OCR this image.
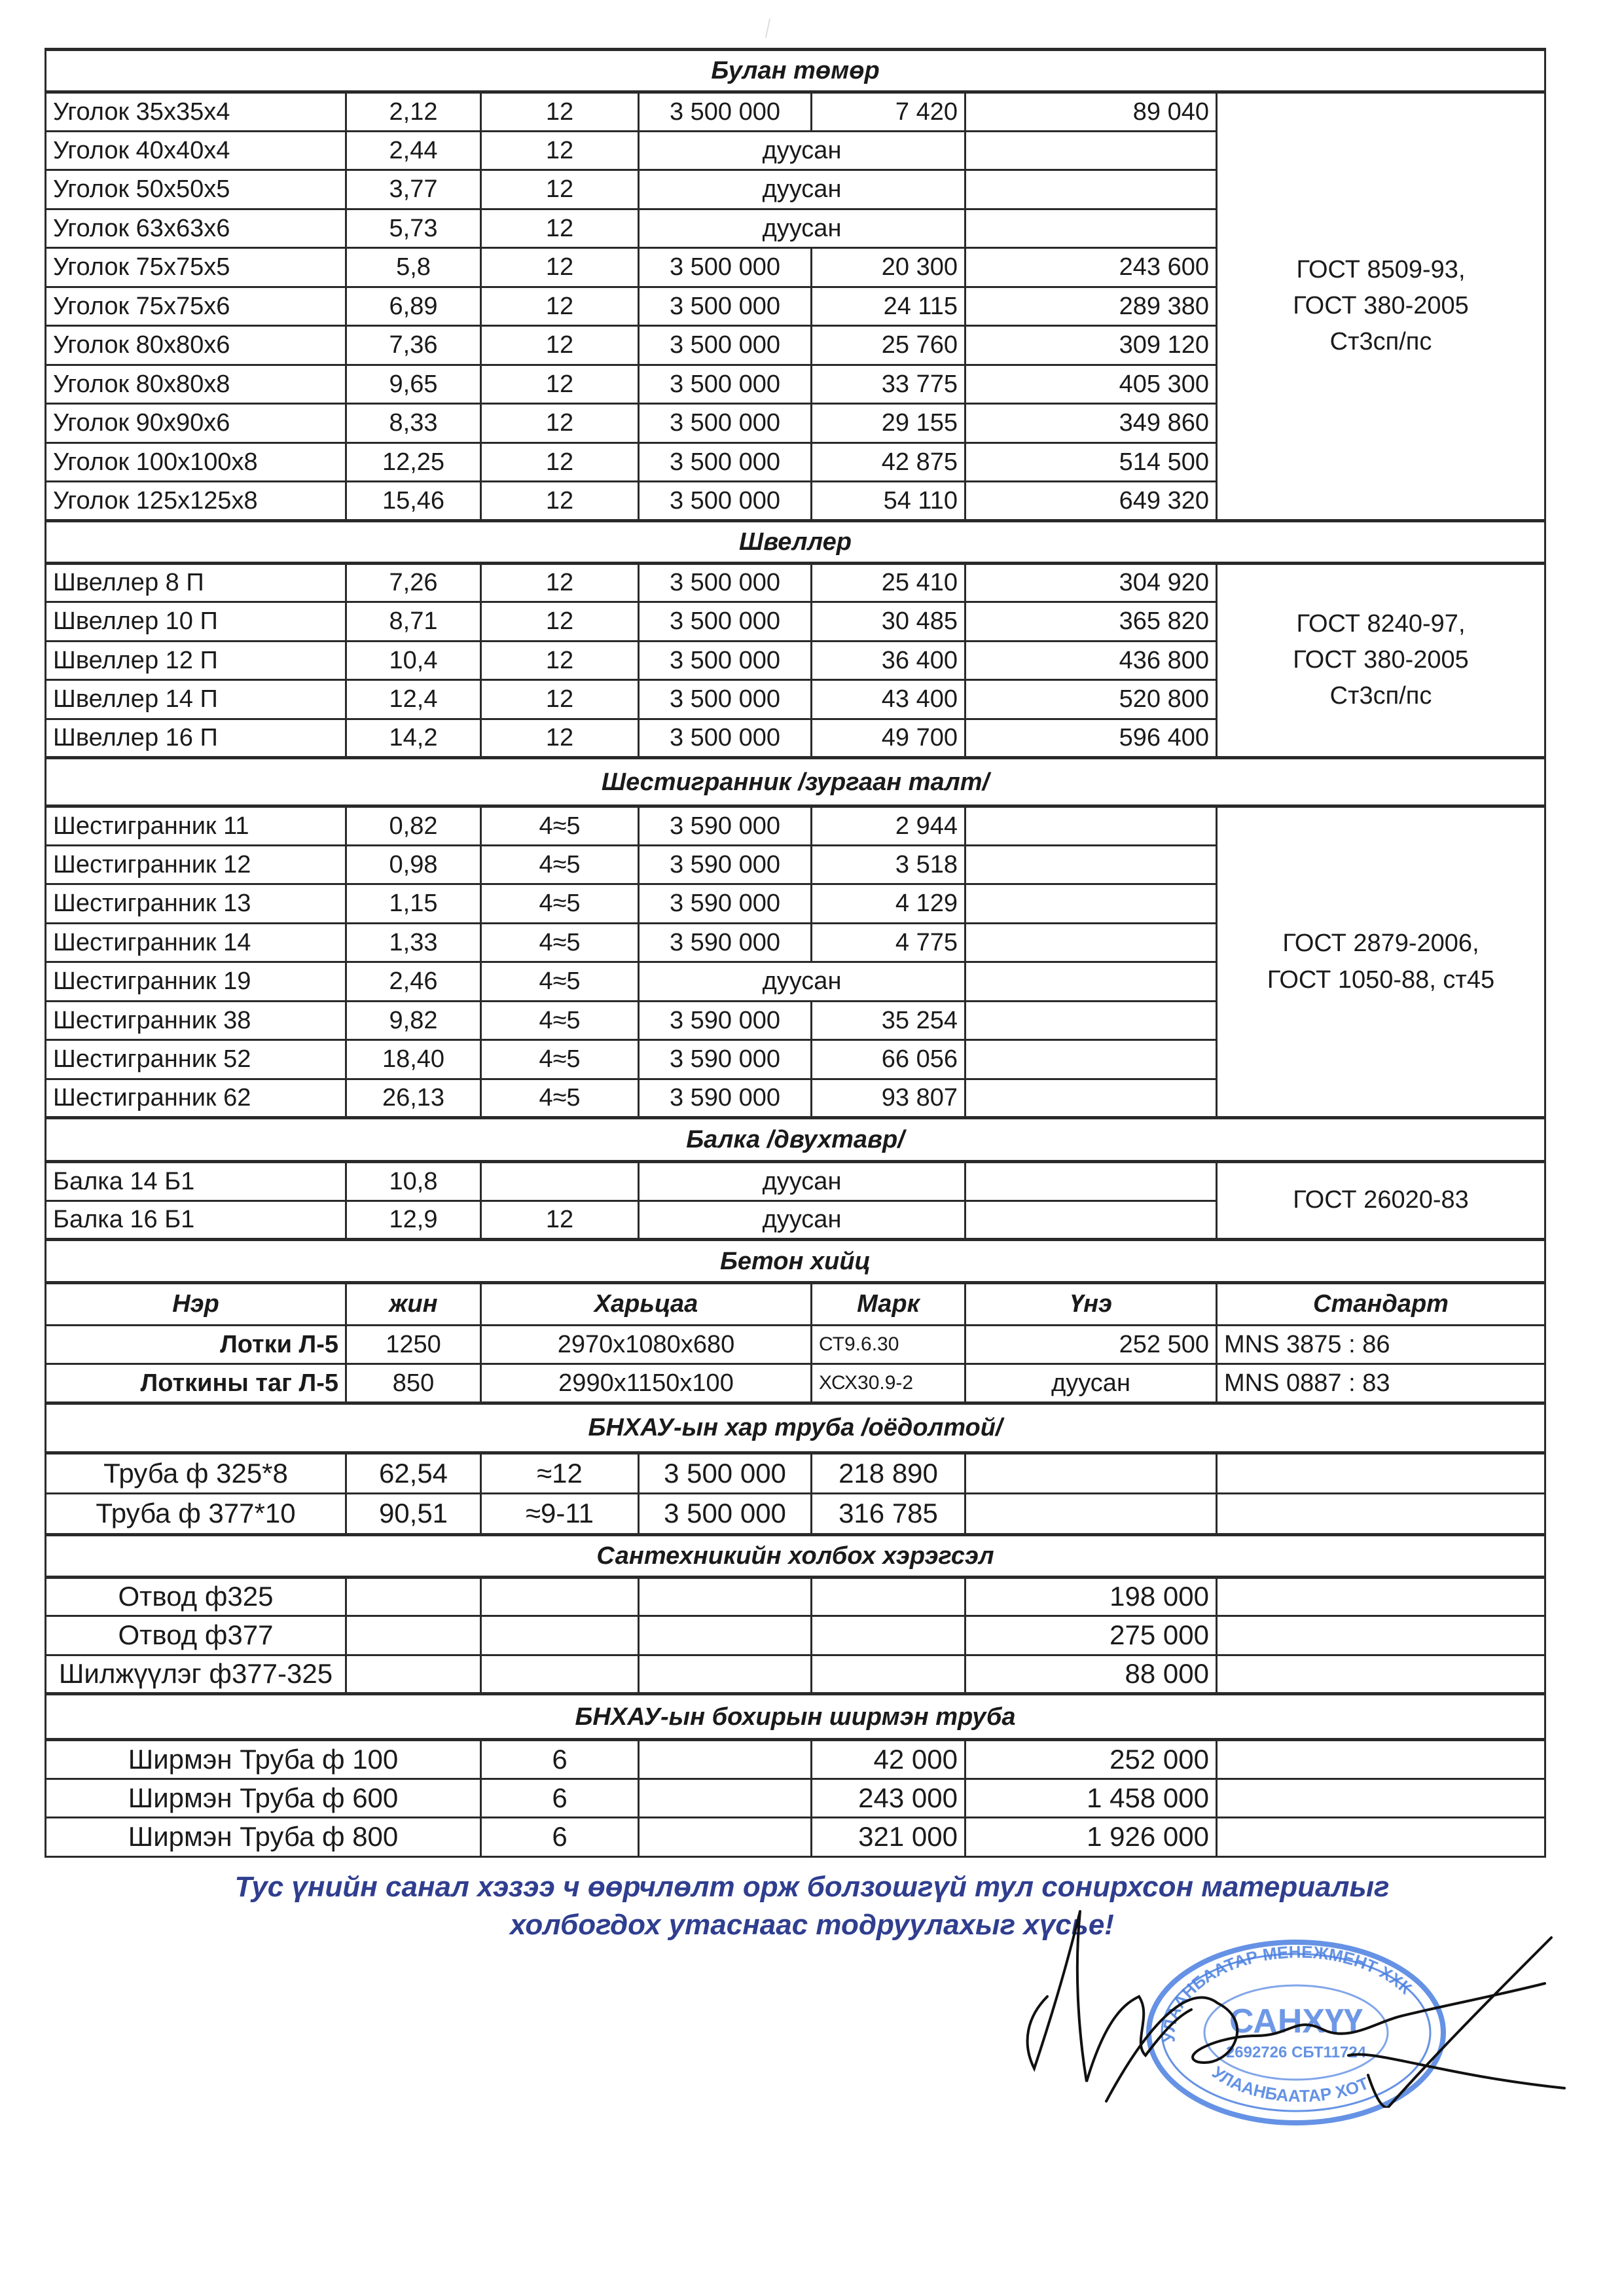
Булан төмөр						
Уголок 35x35x4	2,12	12	3 500 000	7 420	89 040	ГОСТ 8509-93,
ГОСТ 380-2005
Ст3сп/пс

Уголок 40x40x4	2,44	12	дуусан			
Уголок 50x50x5	3,77	12	дуусан			
Уголок 63x63x6	5,73	12	дуусан			
Уголок 75x75x5	5,8	12	3 500 000	20 300	243 600	
Уголок 75x75x6	6,89	12	3 500 000	24 115	289 380	
Уголок 80x80x6	7,36	12	3 500 000	25 760	309 120	
Уголок 80x80x8	9,65	12	3 500 000	33 775	405 300	
Уголок 90x90x6	8,33	12	3 500 000	29 155	349 860	
Уголок 100x100x8	12,25	12	3 500 000	42 875	514 500	
Уголок 125x125x8	15,46	12	3 500 000	54 110	649 320	
Швеллер						
Швеллер 8 П	7,26	12	3 500 000	25 410	304 920	ГОСТ 8240-97,
ГОСТ 380-2005
Ст3сп/пс

Швеллер 10 П	8,71	12	3 500 000	30 485	365 820	
Швеллер 12 П	10,4	12	3 500 000	36 400	436 800	
Швеллер 14 П	12,4	12	3 500 000	43 400	520 800	
Швеллер 16 П	14,2	12	3 500 000	49 700	596 400	
Шестигранник /зургаан талт/						
Шестигранник 11	0,82	4≈5	3 590 000	2 944		ГОСТ 2879-2006,
ГОСТ 1050-88, ст45

Шестигранник 12	0,98	4≈5	3 590 000	3 518		
Шестигранник 13	1,15	4≈5	3 590 000	4 129		
Шестигранник 14	1,33	4≈5	3 590 000	4 775		
Шестигранник 19	2,46	4≈5	дуусан			
Шестигранник 38	9,82	4≈5	3 590 000	35 254		
Шестигранник 52	18,40	4≈5	3 590 000	66 056		
Шестигранник 62	26,13	4≈5	3 590 000	93 807		
Балка /двухтавр/						
Балка 14 Б1	10,8		дуусан			ГОСТ 26020-83

Балка 16 Б1	12,9	12	дуусан			
Бетон хийц						
Нэр	жин	Харьцаа		Марк	Үнэ	Стандарт
Лотки Л-5	1250	2970x1080x680		СТ9.6.30	252 500	MNS 3875 : 86
Лоткины таг Л-5	850	2990x1150x100		ХСХ30.9-2	дуусан	MNS 0887 : 83
БНХАУ-ын хар труба /оёдолтой/						
Труба ф 325*8	62,54	≈12	3 500 000	218 890		
Труба ф 377*10	90,51	≈9-11	3 500 000	316 785		
Сантехникийн холбох хэрэгсэл						
Отвод ф325					198 000	
Отвод ф377					275 000	
Шилжүүлэг ф377-325					88 000	
БНХАУ-ын бохирын ширмэн труба						
Ширмэн Труба ф 100		6		42 000	252 000	
Ширмэн Труба ф 600		6		243 000	1 458 000	
Ширмэн Труба ф 800		6		321 000	1 926 000	
Тус үнийн санал хэзээ ч өөрчлөлт орж болзошгүй тул сонирхсон материалыг
холбогдох утаснаас тодруулахыг хүсье!
УЛААНБААТАР МЕНЕЖМЕНТ ХХК
УЛААНБААТАР ХОТ
САНХҮҮ
2692726 СБТ11724
